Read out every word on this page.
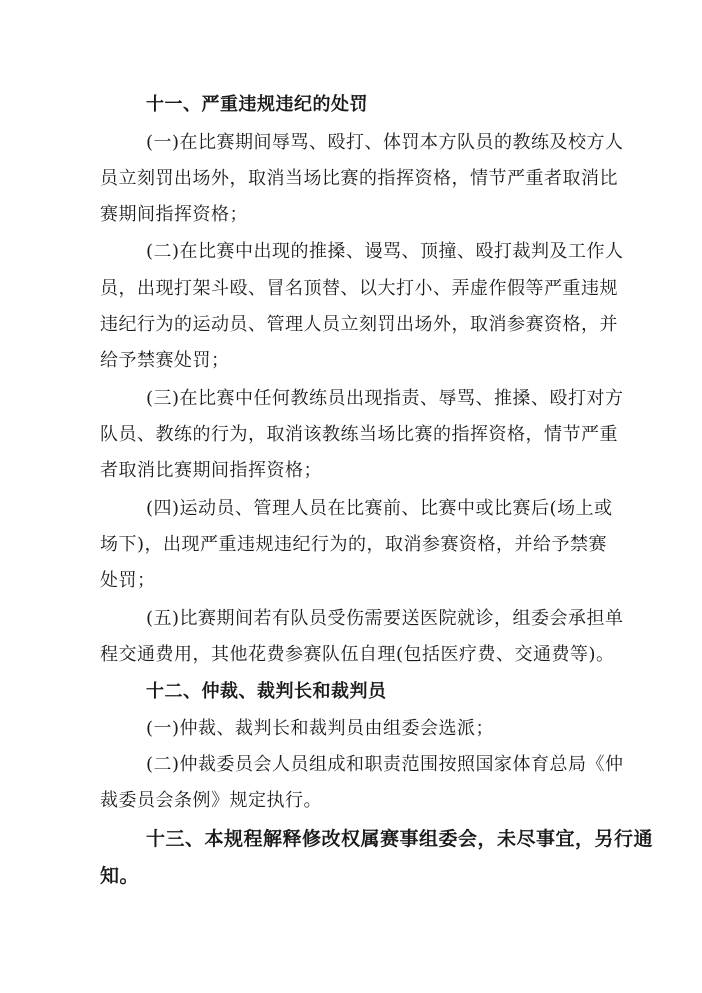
十一、严重违规违纪的处罚
(一)在比赛期间辱骂、殴打、体罚本方队员的教练及校方人
员立刻罚出场外，取消当场比赛的指挥资格，情节严重者取消比
赛期间指挥资格；
(二)在比赛中出现的推搡、谩骂、顶撞、殴打裁判及工作人
员，出现打架斗殴、冒名顶替、以大打小、弄虚作假等严重违规
违纪行为的运动员、管理人员立刻罚出场外，取消参赛资格，并
给予禁赛处罚；
(三)在比赛中任何教练员出现指责、辱骂、推搡、殴打对方
队员、教练的行为，取消该教练当场比赛的指挥资格，情节严重
者取消比赛期间指挥资格；
(四)运动员、管理人员在比赛前、比赛中或比赛后(场上或
场下)，出现严重违规违纪行为的，取消参赛资格，并给予禁赛
处罚；
(五)比赛期间若有队员受伤需要送医院就诊，组委会承担单
程交通费用，其他花费参赛队伍自理(包括医疗费、交通费等)。
十二、仲裁、裁判长和裁判员
(一)仲裁、裁判长和裁判员由组委会选派；
(二)仲裁委员会人员组成和职责范围按照国家体育总局《仲
裁委员会条例》规定执行。
十三、本规程解释修改权属赛事组委会，未尽事宜，另行通
知。
